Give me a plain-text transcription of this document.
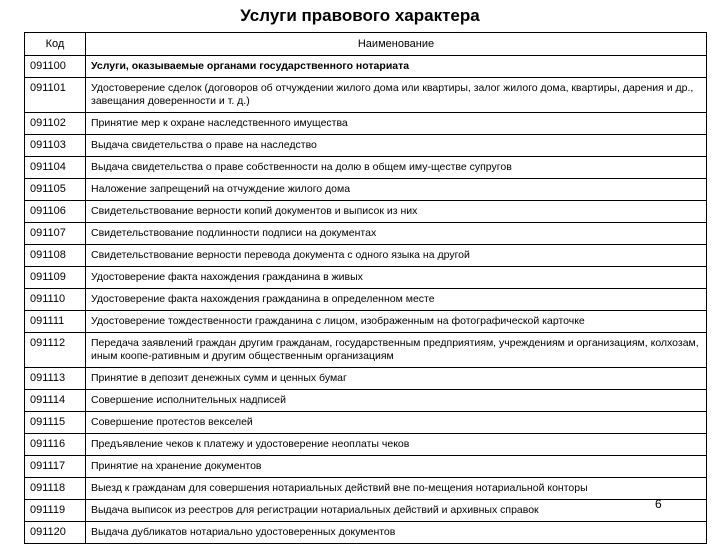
Услуги правового характера
Код	Наименование
091100	Услуги, оказываемые органами государственного нотариата
091101	Удостоверение сделок (договоров об отчуждении жилого дома или квартиры, залог жилого дома, квартиры, дарения и др., завещания доверенности и т. д.)
091102	Принятие мер к охране наследственного имущества
091103	Выдача свидетельства о праве на наследство
091104	Выдача свидетельства о праве собственности на долю в общем иму-ществе супругов
091105	Наложение запрещений на отчуждение жилого дома
091106	Свидетельствование верности копий документов и выписок из них
091107	Свидетельствование подлинности подписи на документах
091108	Свидетельствование верности перевода документа с одного языка на другой
091109	Удостоверение факта нахождения гражданина в живых
091110	Удостоверение факта нахождения гражданина в определенном месте
091111	Удостоверение тождественности гражданина с лицом, изображенным на фотографической карточке
091112	Передача заявлений граждан другим гражданам, государственным предприятиям, учреждениям и организациям, колхозам, иным коопе-ративным и другим общественным организациям
091113	Принятие в депозит денежных сумм и ценных бумаг
091114	Совершение исполнительных надписей
091115	Совершение протестов векселей
091116	Предъявление чеков к платежу и удостоверение неоплаты чеков
091117	Принятие на хранение документов
091118	Выезд к гражданам для совершения нотариальных действий вне по-мещения нотариальной конторы
091119	Выдача выписок из реестров для регистрации нотариальных действий и архивных справок
091120	Выдача дубликатов нотариально удостоверенных документов
6
